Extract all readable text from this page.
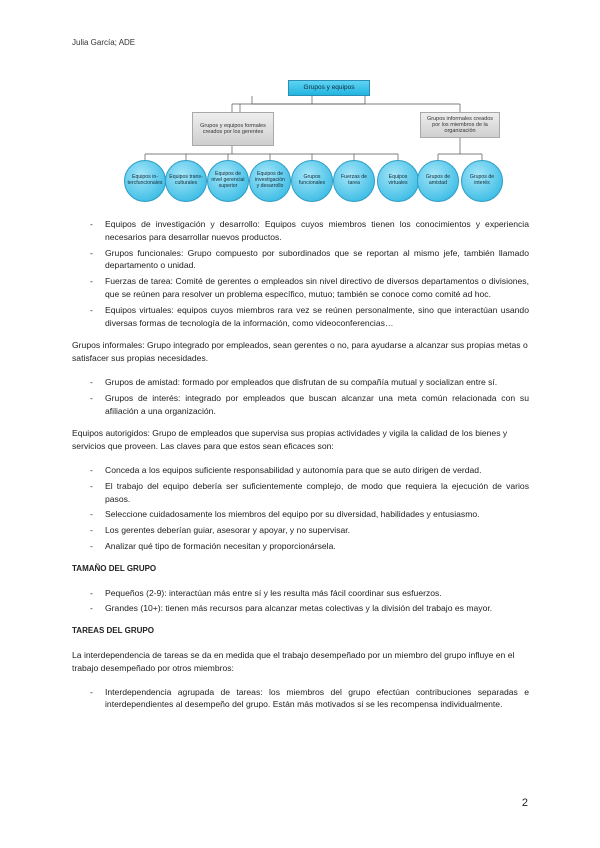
Julia García; ADE
Grupos y equipos
Grupos y equipos formales creados por los gerentes
Grupos informales creados por los miembros de la organización
Equipos in-tercfuncionales
Equipos trans-culturales
Equipos de nivel gerencial superior
Equipos de investigación y desarrollo
Grupos funcionales
Fuerzas de tarea
Equipos virtuales
Grupos de amistad
Grupos de interés
- Equipos de investigación y desarrollo: Equipos cuyos miembros tienen los conocimientos y experiencia necesarios para desarrollar nuevos productos.
- Grupos funcionales: Grupo compuesto por subordinados que se reportan al mismo jefe, también llamado departamento o unidad.
- Fuerzas de tarea: Comité de gerentes o empleados sin nivel directivo de diversos departamentos o divisiones, que se reúnen para resolver un problema específico, mutuo; también se conoce como comité ad hoc.
- Equipos virtuales: equipos cuyos miembros rara vez se reúnen personalmente, sino que interactúan usando diversas formas de tecnología de la información, como videoconferencias…

Grupos informales: Grupo integrado por empleados, sean gerentes o no, para ayudarse a alcanzar sus propias metas o satisfacer sus propias necesidades.

- Grupos de amistad: formado por empleados que disfrutan de su compañía mutual y socializan entre sí.
- Grupos de interés: integrado por empleados que buscan alcanzar una meta común relacionada con su afiliación a una organización.

Equipos autorigidos: Grupo de empleados que supervisa sus propias actividades y vigila la calidad de los bienes y servicios que proveen. Las claves para que estos sean eficaces son:

- Conceda a los equipos suficiente responsabilidad y autonomía para que se auto dirigen de verdad.
- El trabajo del equipo debería ser suficientemente complejo, de modo que requiera la ejecución de varios pasos.
- Seleccione cuidadosamente los miembros del equipo por su diversidad, habilidades y entusiasmo.
- Los gerentes deberían guiar, asesorar y apoyar, y no supervisar.
- Analizar qué tipo de formación necesitan y proporcionársela.
TAMAÑO DEL GRUPO
- Pequeños (2-9): interactúan más entre sí y les resulta más fácil coordinar sus esfuerzos.
- Grandes (10+): tienen más recursos para alcanzar metas colectivas y la división del trabajo es mayor.
TAREAS DEL GRUPO

La interdependencia de tareas se da en medida que el trabajo desempeñado por un miembro del grupo influye en el trabajo desempeñado por otros miembros:

- Interdependencia agrupada de tareas: los miembros del grupo efectúan contribuciones separadas e interdependientes al desempeño del grupo. Están más motivados si se les recompensa individualmente.
2
